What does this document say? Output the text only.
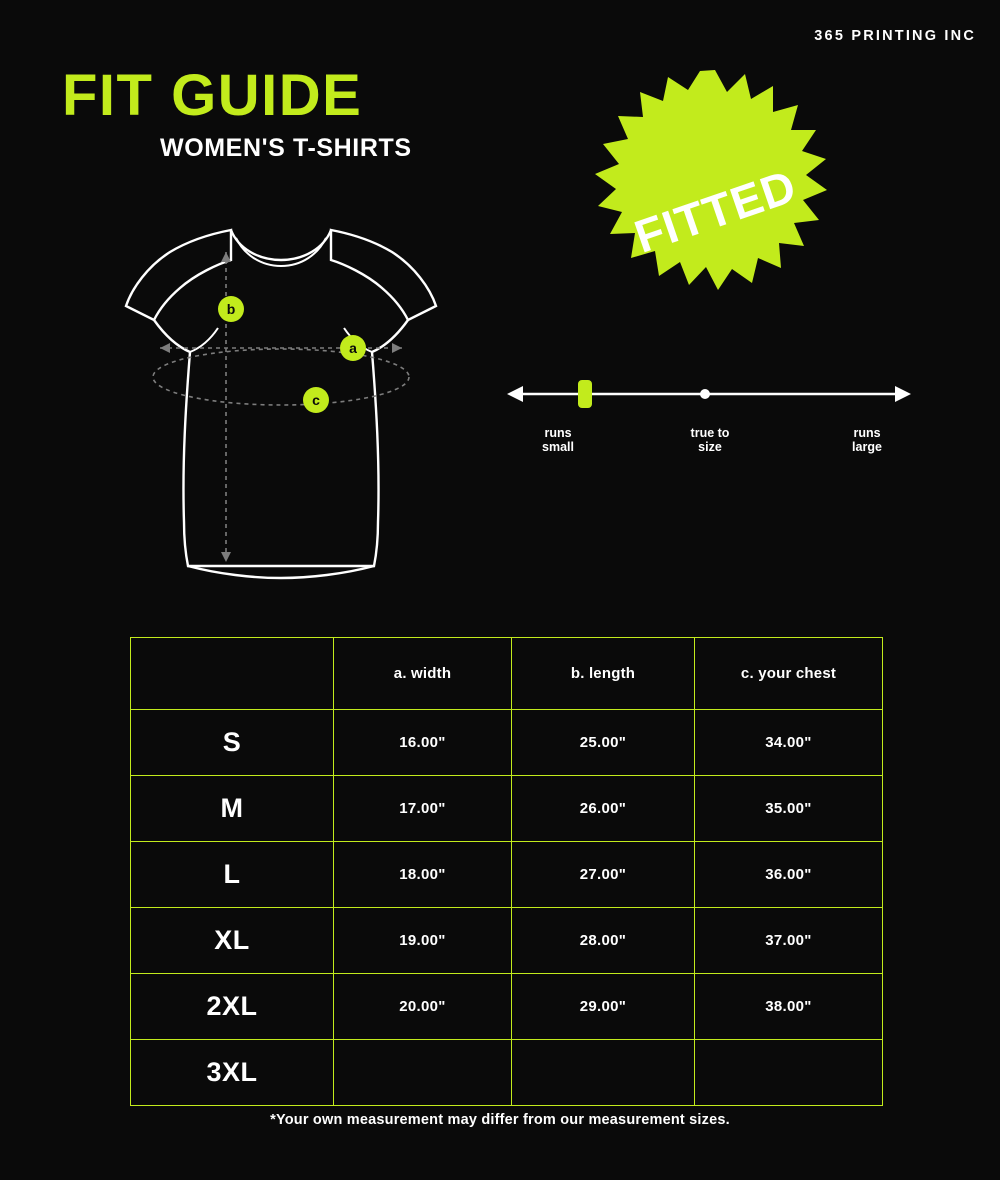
365 PRINTING INC
FIT GUIDE
WOMEN'S T-SHIRTS
b
a
c
FITTED
runs
small
true to
size
runs
large
	a. width	b. length	c. your chest
S	16.00"	25.00"	34.00"
M	17.00"	26.00"	35.00"
L	18.00"	27.00"	36.00"
XL	19.00"	28.00"	37.00"
2XL	20.00"	29.00"	38.00"
3XL			
*Your own measurement may differ from our measurement sizes.
